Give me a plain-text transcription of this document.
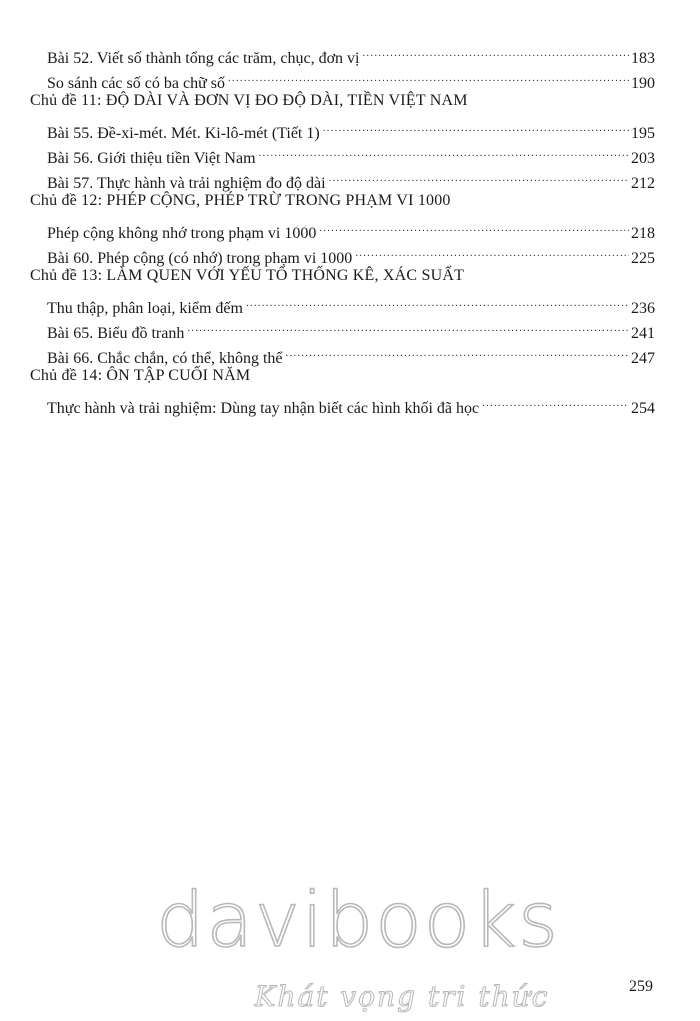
Bài 52. Viết số thành tổng các trăm, chục, đơn vị .....	183
So sánh các số có ba chữ số .....	190
Chủ đề 11: ĐỘ DÀI VÀ ĐƠN VỊ ĐO ĐỘ DÀI, TIỀN VIỆT NAM
Bài 55. Đề-xi-mét. Mét. Ki-lô-mét (Tiết 1) .....	195
Bài 56. Giới thiệu tiền Việt Nam .....	203
Bài 57. Thực hành và trải nghiệm đo độ dài .....	212
Chủ đề 12: PHÉP CỘNG, PHÉP TRỪ TRONG PHẠM VI 1000
Phép cộng không nhớ trong phạm vi 1000 .....	218
Bài 60. Phép cộng (có nhớ) trong phạm vi 1000 .....	225
Chủ đề 13: LÀM QUEN VỚI YẾU TỐ THỐNG KÊ, XÁC SUẤT
Thu thập, phân loại, kiểm đếm .....	236
Bài 65. Biểu đồ tranh .....	241
Bài 66. Chắc chắn, có thể, không thể .....	247
Chủ đề 14: ÔN TẬP CUỐI NĂM
Thực hành và trải nghiệm: Dùng tay nhận biết các hình khối đã học .....	254
davibooks
Khát vọng tri thức	259
